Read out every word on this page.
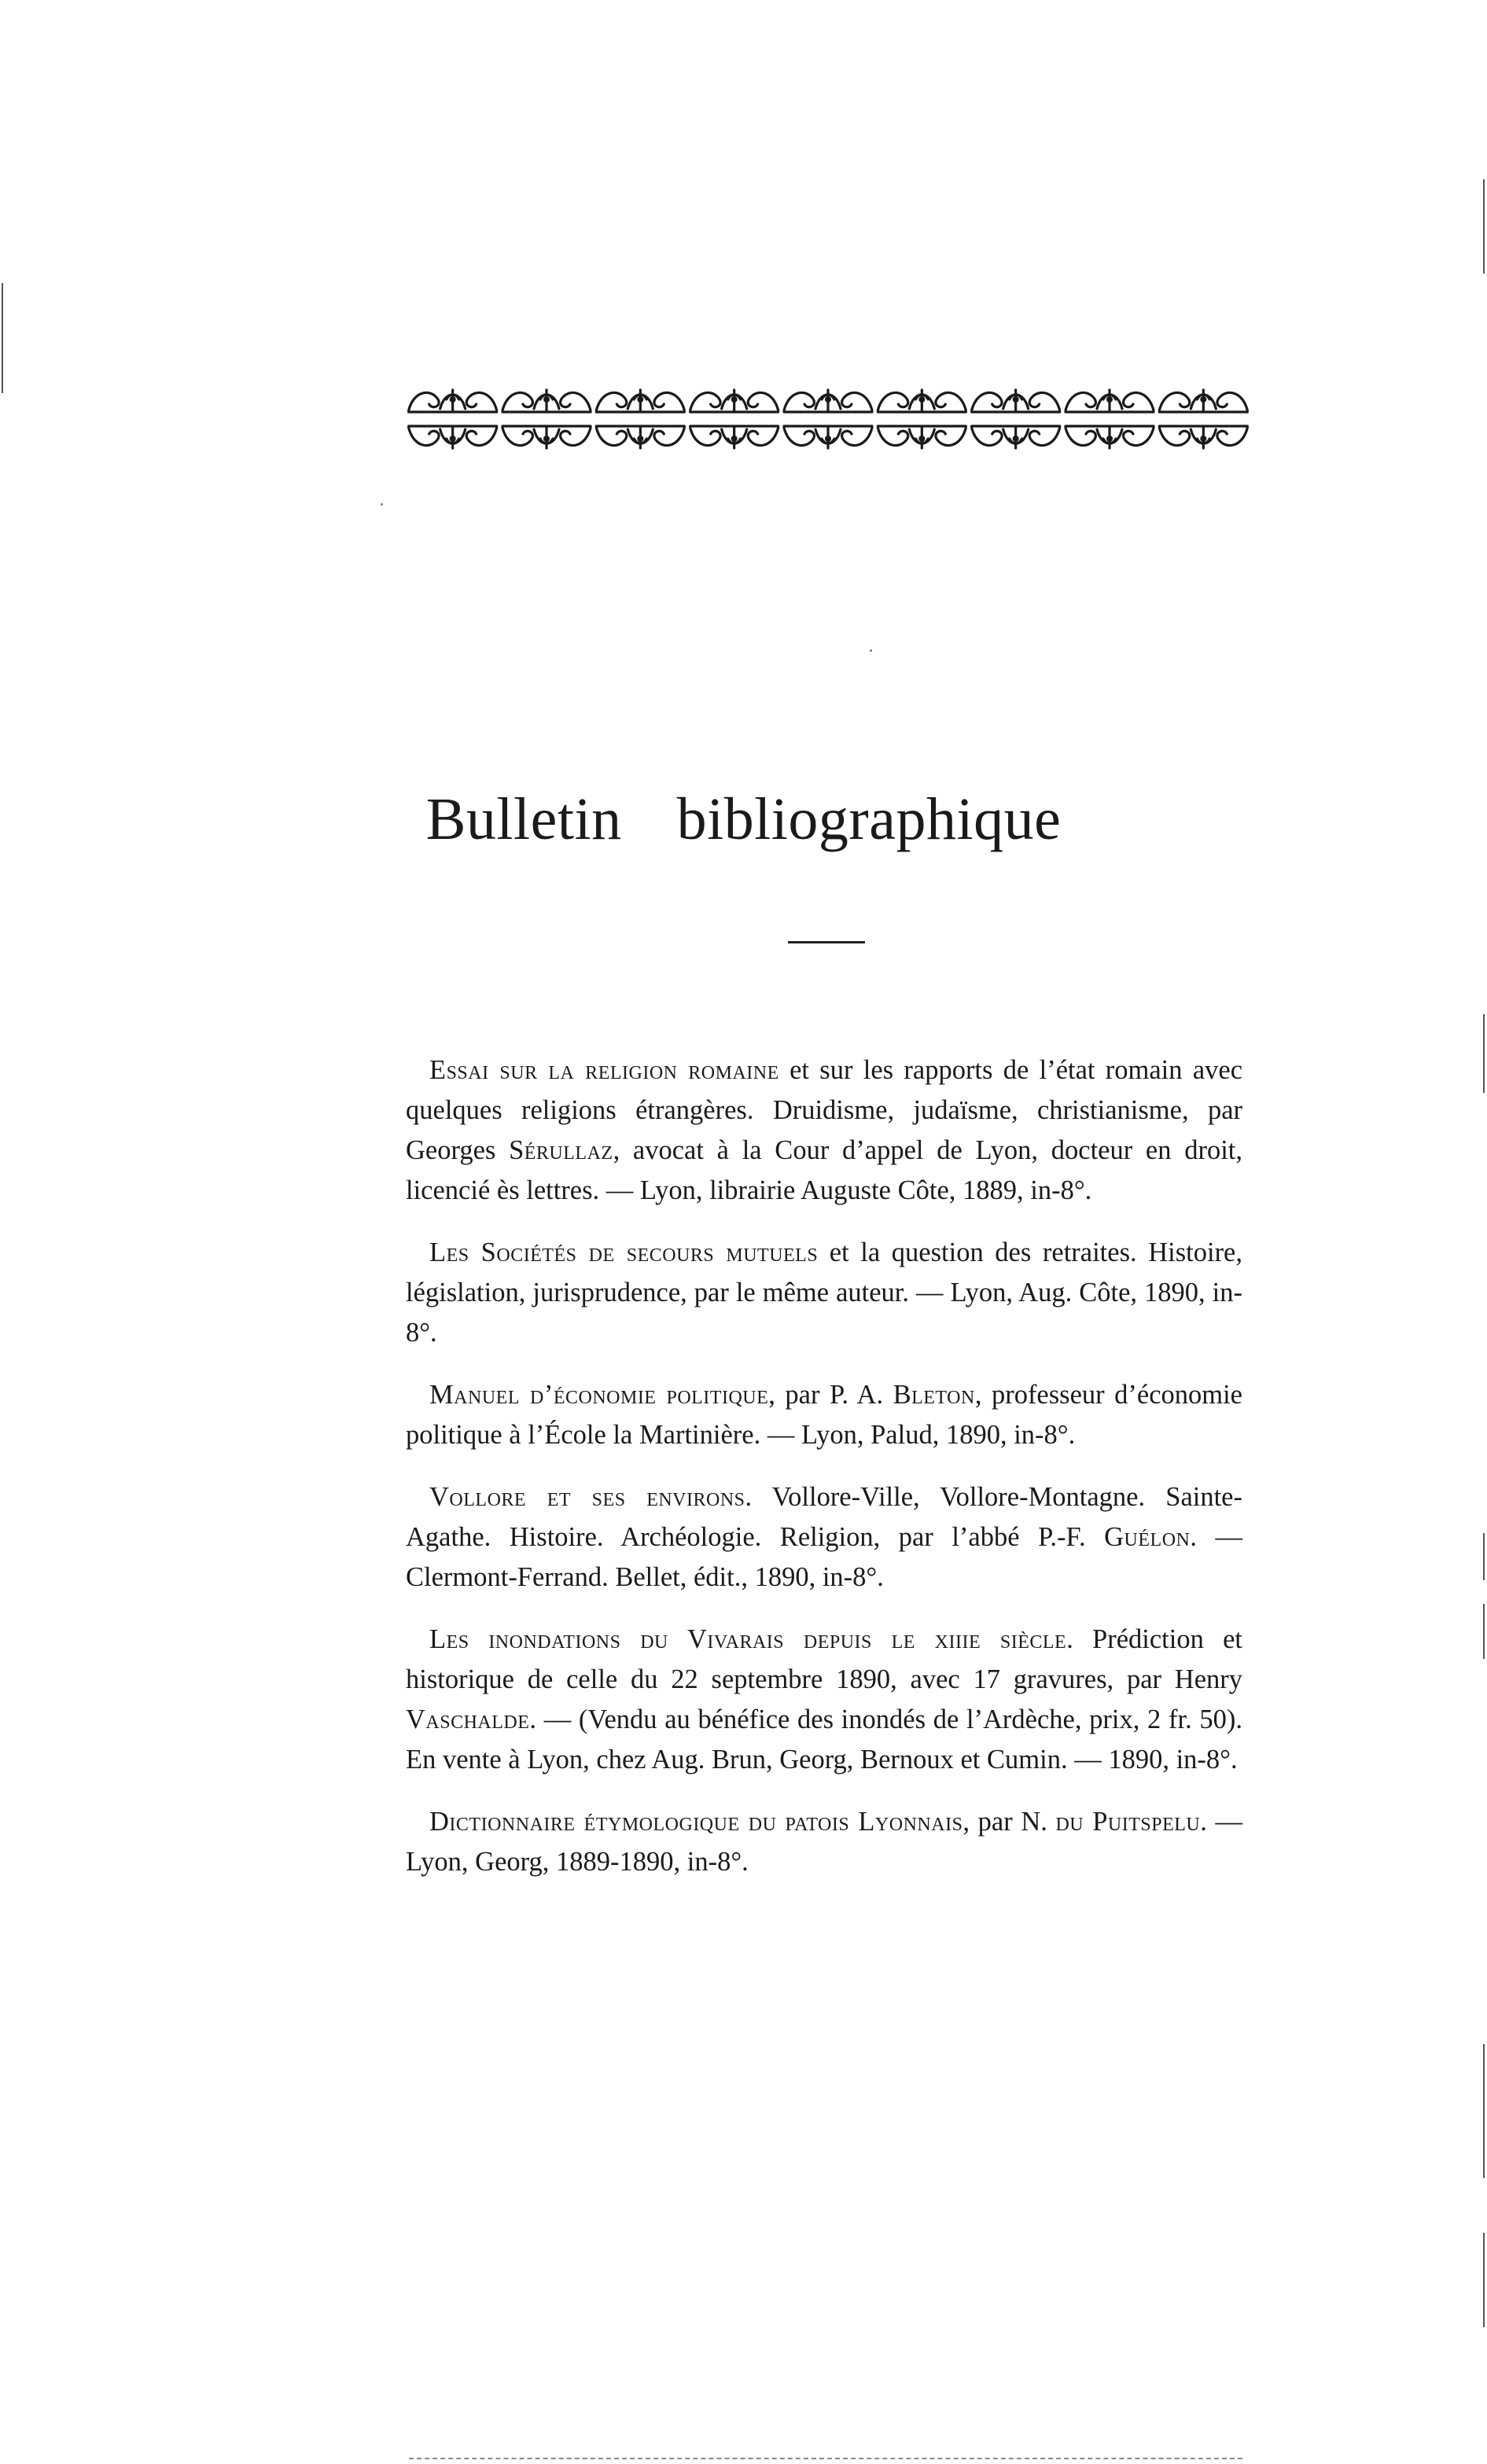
Bulletin bibliographique

Essai sur la religion romaine et sur les rapports de l’état romain avec quelques religions étrangères. Druidisme, judaïsme, christianisme, par Georges Sérullaz, avocat à la Cour d’appel de Lyon, docteur en droit, licencié ès lettres. — Lyon, librairie Auguste Côte, 1889, in-8°.

Les Sociétés de secours mutuels et la question des retraites. Histoire, législation, jurisprudence, par le même auteur. — Lyon, Aug. Côte, 1890, in-8°.

Manuel d’économie politique, par P. A. Bleton, professeur d’économie politique à l’École la Martinière. — Lyon, Palud, 1890, in-8°.

Vollore et ses environs. Vollore-Ville, Vollore-Montagne. Sainte-Agathe. Histoire. Archéologie. Religion, par l’abbé P.-F. Guélon. — Clermont-Ferrand. Bellet, édit., 1890, in-8°.

Les inondations du Vivarais depuis le xiiie siècle. Prédiction et historique de celle du 22 septembre 1890, avec 17 gravures, par Henry Vaschalde. — (Vendu au bénéfice des inondés de l’Ardèche, prix, 2 fr. 50). En vente à Lyon, chez Aug. Brun, Georg, Bernoux et Cumin. — 1890, in-8°.

Dictionnaire étymologique du patois Lyonnais, par N. du Puitspelu. — Lyon, Georg, 1889-1890, in-8°.
